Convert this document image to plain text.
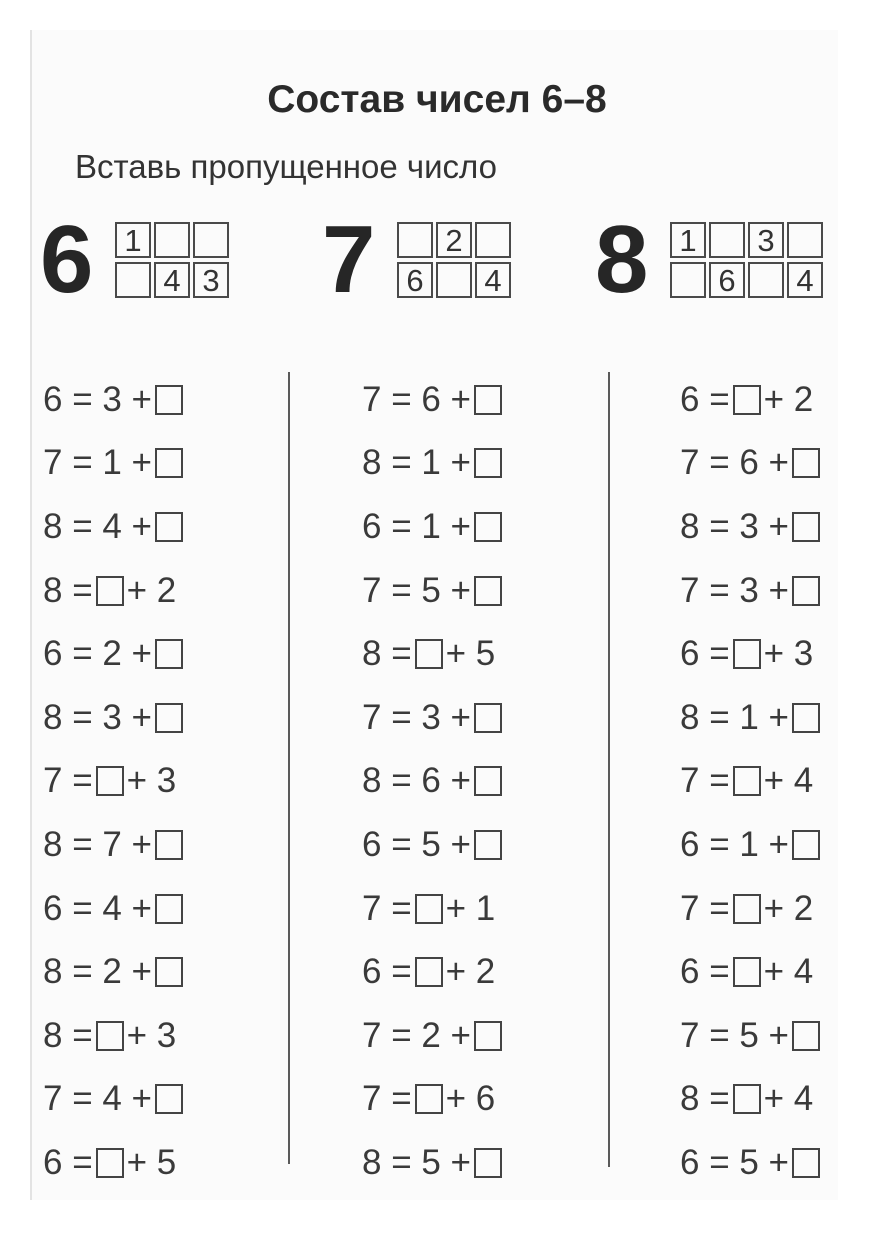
Состав чисел 6–8
Вставь пропущенное число
6 1
4 3 7 6
2
4 8 1
6
3
4
6 = 3 +
7 = 1 +
8 = 4 +
8 = + 2
6 = 2 +
8 = 3 +
7 = + 3
8 = 7 +
6 = 4 +
8 = 2 +
8 = + 3
7 = 4 +
6 = + 5
7 = 6 +
8 = 1 +
6 = 1 +
7 = 5 +
8 = + 5
7 = 3 +
8 = 6 +
6 = 5 +
7 = + 1
6 = + 2
7 = 2 +
7 = + 6
8 = 5 +
6 = + 2
7 = 6 +
8 = 3 +
7 = 3 +
6 = + 3
8 = 1 +
7 = + 4
6 = 1 +
7 = + 2
6 = + 4
7 = 5 +
8 = + 4
6 = 5 +
